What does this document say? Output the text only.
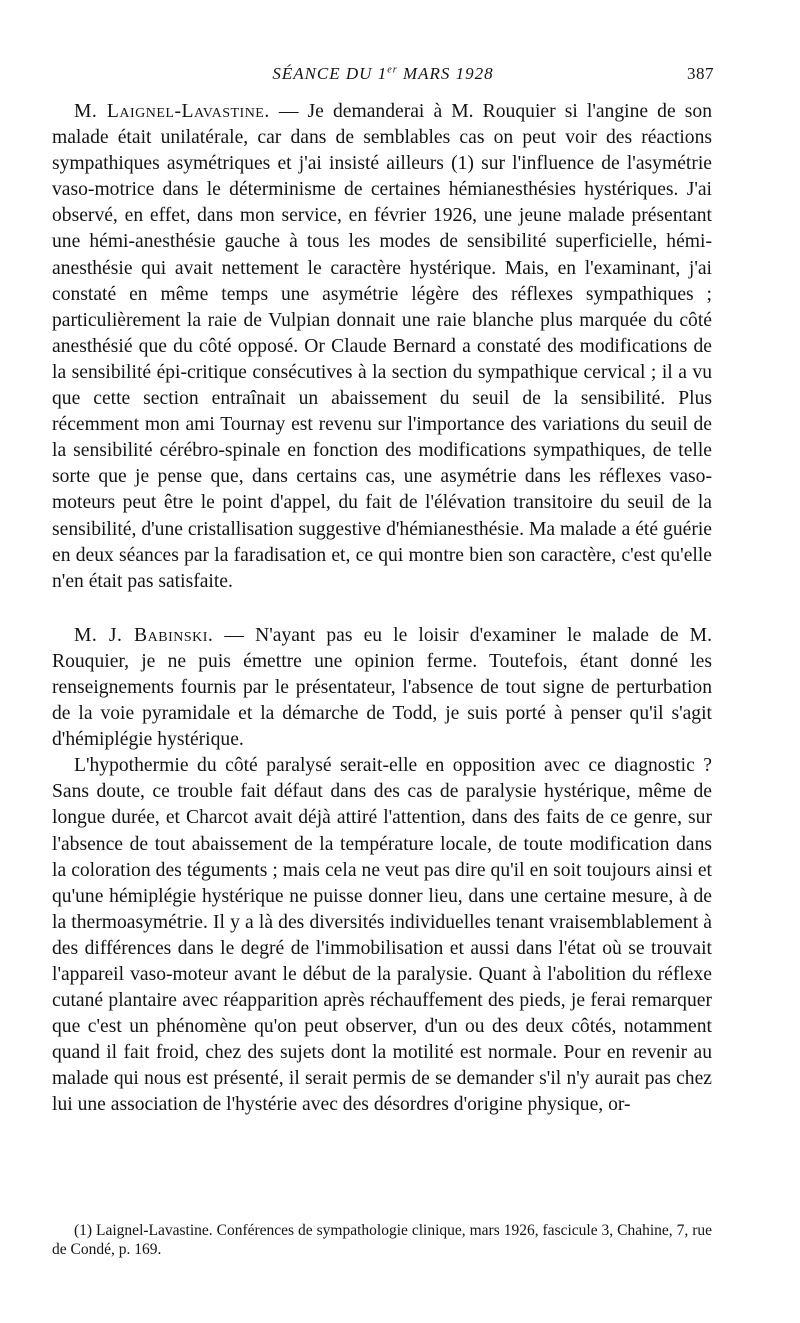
SÉANCE DU 1er MARS 1928	387

M. Laignel-Lavastine. — Je demanderai à M. Rouquier si l'angine de son malade était unilatérale, car dans de semblables cas on peut voir des réactions sympathiques asymétriques et j'ai insisté ailleurs (1) sur l'influence de l'asymétrie vaso-motrice dans le déterminisme de certaines hémianesthésies hystériques. J'ai observé, en effet, dans mon service, en février 1926, une jeune malade présentant une hémi-anesthésie gauche à tous les modes de sensibilité superficielle, hémi-anesthésie qui avait nettement le caractère hystérique. Mais, en l'examinant, j'ai constaté en même temps une asymétrie légère des réflexes sympathiques ; particulièrement la raie de Vulpian donnait une raie blanche plus marquée du côté anesthésié que du côté opposé. Or Claude Bernard a constaté des modifications de la sensibilité épi-critique consécutives à la section du sympathique cervical ; il a vu que cette section entraînait un abaissement du seuil de la sensibilité. Plus récemment mon ami Tournay est revenu sur l'importance des variations du seuil de la sensibilité cérébro-spinale en fonction des modifications sympathiques, de telle sorte que je pense que, dans certains cas, une asymétrie dans les réflexes vaso-moteurs peut être le point d'appel, du fait de l'élévation transitoire du seuil de la sensibilité, d'une cristallisation suggestive d'hémianesthésie. Ma malade a été guérie en deux séances par la faradisation et, ce qui montre bien son caractère, c'est qu'elle n'en était pas satisfaite.

M. J. Babinski. — N'ayant pas eu le loisir d'examiner le malade de M. Rouquier, je ne puis émettre une opinion ferme. Toutefois, étant donné les renseignements fournis par le présentateur, l'absence de tout signe de perturbation de la voie pyramidale et la démarche de Todd, je suis porté à penser qu'il s'agit d'hémiplégie hystérique.

L'hypothermie du côté paralysé serait-elle en opposition avec ce diagnostic ? Sans doute, ce trouble fait défaut dans des cas de paralysie hystérique, même de longue durée, et Charcot avait déjà attiré l'attention, dans des faits de ce genre, sur l'absence de tout abaissement de la température locale, de toute modification dans la coloration des téguments ; mais cela ne veut pas dire qu'il en soit toujours ainsi et qu'une hémiplégie hystérique ne puisse donner lieu, dans une certaine mesure, à de la thermoasymétrie. Il y a là des diversités individuelles tenant vraisemblablement à des différences dans le degré de l'immobilisation et aussi dans l'état où se trouvait l'appareil vaso-moteur avant le début de la paralysie. Quant à l'abolition du réflexe cutané plantaire avec réapparition après réchauffement des pieds, je ferai remarquer que c'est un phénomène qu'on peut observer, d'un ou des deux côtés, notamment quand il fait froid, chez des sujets dont la motilité est normale. Pour en revenir au malade qui nous est présenté, il serait permis de se demander s'il n'y aurait pas chez lui une association de l'hystérie avec des désordres d'origine physique, or-

(1) Laignel-Lavastine. Conférences de sympathologie clinique, mars 1926, fascicule 3, Chahine, 7, rue de Condé, p. 169.
